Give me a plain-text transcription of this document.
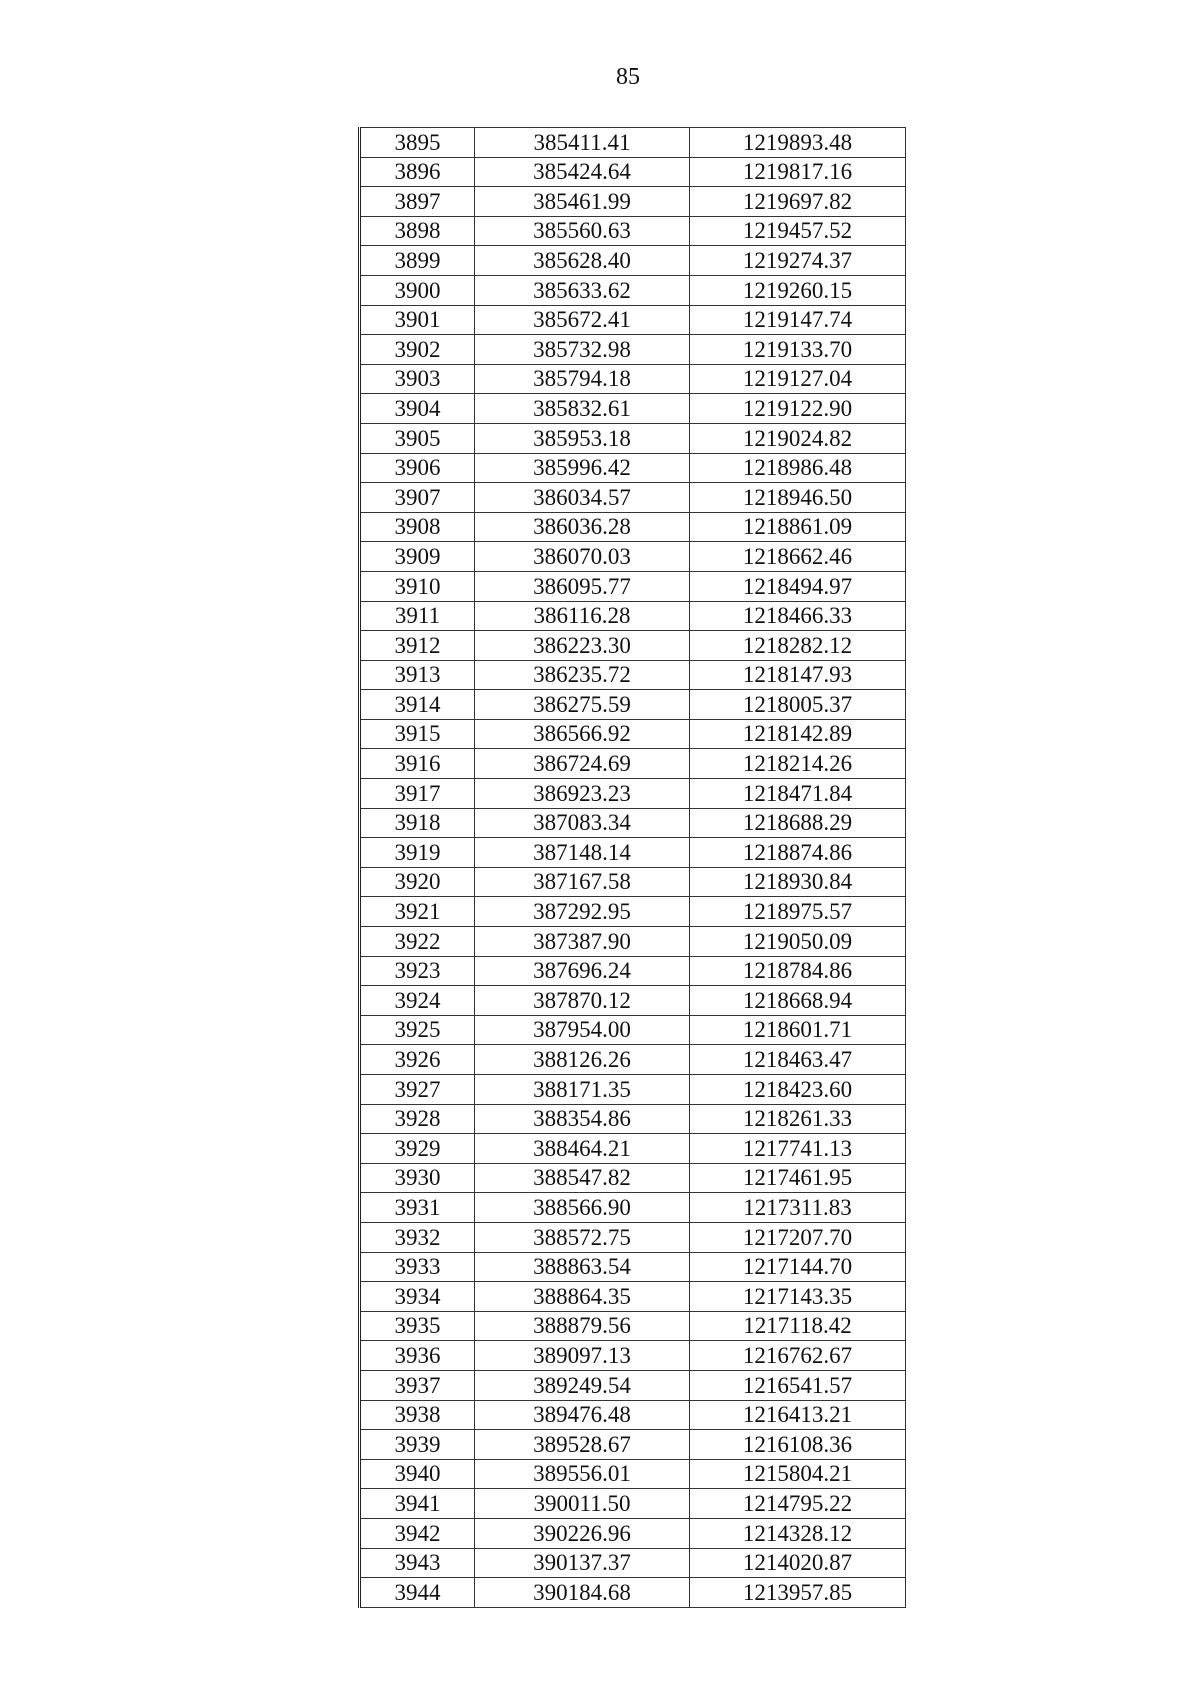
85
3895	385411.41	1219893.48
3896	385424.64	1219817.16
3897	385461.99	1219697.82
3898	385560.63	1219457.52
3899	385628.40	1219274.37
3900	385633.62	1219260.15
3901	385672.41	1219147.74
3902	385732.98	1219133.70
3903	385794.18	1219127.04
3904	385832.61	1219122.90
3905	385953.18	1219024.82
3906	385996.42	1218986.48
3907	386034.57	1218946.50
3908	386036.28	1218861.09
3909	386070.03	1218662.46
3910	386095.77	1218494.97
3911	386116.28	1218466.33
3912	386223.30	1218282.12
3913	386235.72	1218147.93
3914	386275.59	1218005.37
3915	386566.92	1218142.89
3916	386724.69	1218214.26
3917	386923.23	1218471.84
3918	387083.34	1218688.29
3919	387148.14	1218874.86
3920	387167.58	1218930.84
3921	387292.95	1218975.57
3922	387387.90	1219050.09
3923	387696.24	1218784.86
3924	387870.12	1218668.94
3925	387954.00	1218601.71
3926	388126.26	1218463.47
3927	388171.35	1218423.60
3928	388354.86	1218261.33
3929	388464.21	1217741.13
3930	388547.82	1217461.95
3931	388566.90	1217311.83
3932	388572.75	1217207.70
3933	388863.54	1217144.70
3934	388864.35	1217143.35
3935	388879.56	1217118.42
3936	389097.13	1216762.67
3937	389249.54	1216541.57
3938	389476.48	1216413.21
3939	389528.67	1216108.36
3940	389556.01	1215804.21
3941	390011.50	1214795.22
3942	390226.96	1214328.12
3943	390137.37	1214020.87
3944	390184.68	1213957.85
